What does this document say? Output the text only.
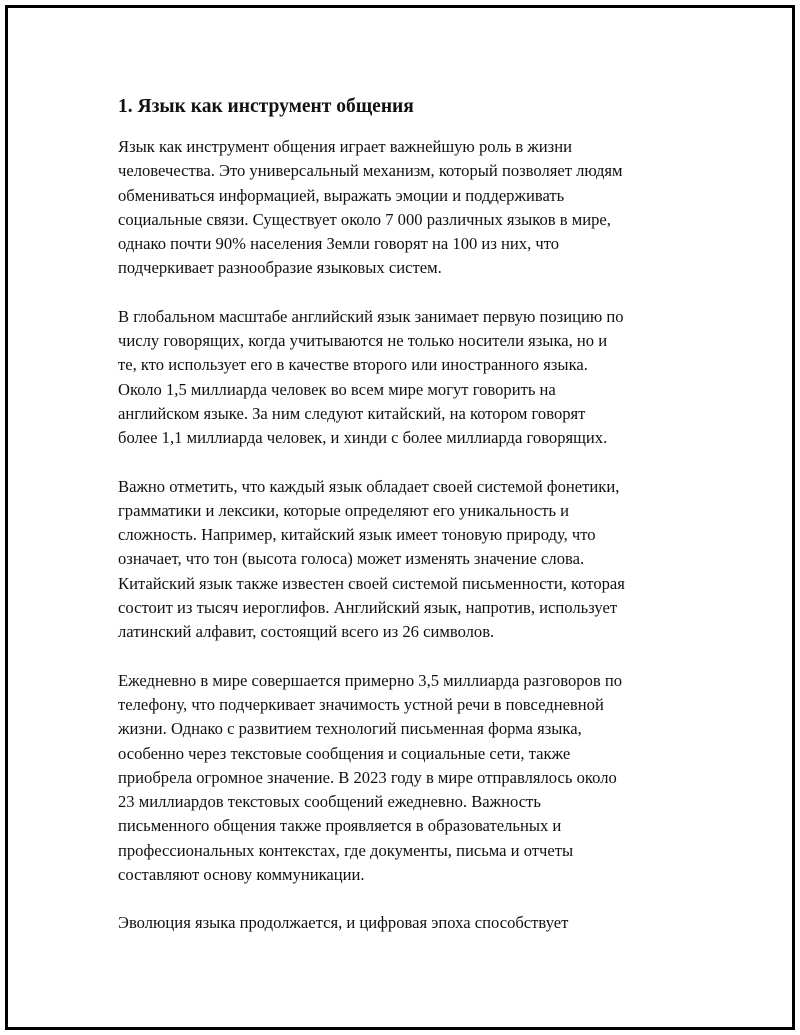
1. Язык как инструмент общения

Язык как инструмент общения играет важнейшую роль в жизни
человечества. Это универсальный механизм, который позволяет людям
обмениваться информацией, выражать эмоции и поддерживать
социальные связи. Существует около 7 000 различных языков в мире,
однако почти 90% населения Земли говорят на 100 из них, что
подчеркивает разнообразие языковых систем.

В глобальном масштабе английский язык занимает первую позицию по
числу говорящих, когда учитываются не только носители языка, но и
те, кто использует его в качестве второго или иностранного языка.
Около 1,5 миллиарда человек во всем мире могут говорить на
английском языке. За ним следуют китайский, на котором говорят
более 1,1 миллиарда человек, и хинди с более миллиарда говорящих.

Важно отметить, что каждый язык обладает своей системой фонетики,
грамматики и лексики, которые определяют его уникальность и
сложность. Например, китайский язык имеет тоновую природу, что
означает, что тон (высота голоса) может изменять значение слова.
Китайский язык также известен своей системой письменности, которая
состоит из тысяч иероглифов. Английский язык, напротив, использует
латинский алфавит, состоящий всего из 26 символов.

Ежедневно в мире совершается примерно 3,5 миллиарда разговоров по
телефону, что подчеркивает значимость устной речи в повседневной
жизни. Однако с развитием технологий письменная форма языка,
особенно через текстовые сообщения и социальные сети, также
приобрела огромное значение. В 2023 году в мире отправлялось около
23 миллиардов текстовых сообщений ежедневно. Важность
письменного общения также проявляется в образовательных и
профессиональных контекстах, где документы, письма и отчеты
составляют основу коммуникации.

Эволюция языка продолжается, и цифровая эпоха способствует
